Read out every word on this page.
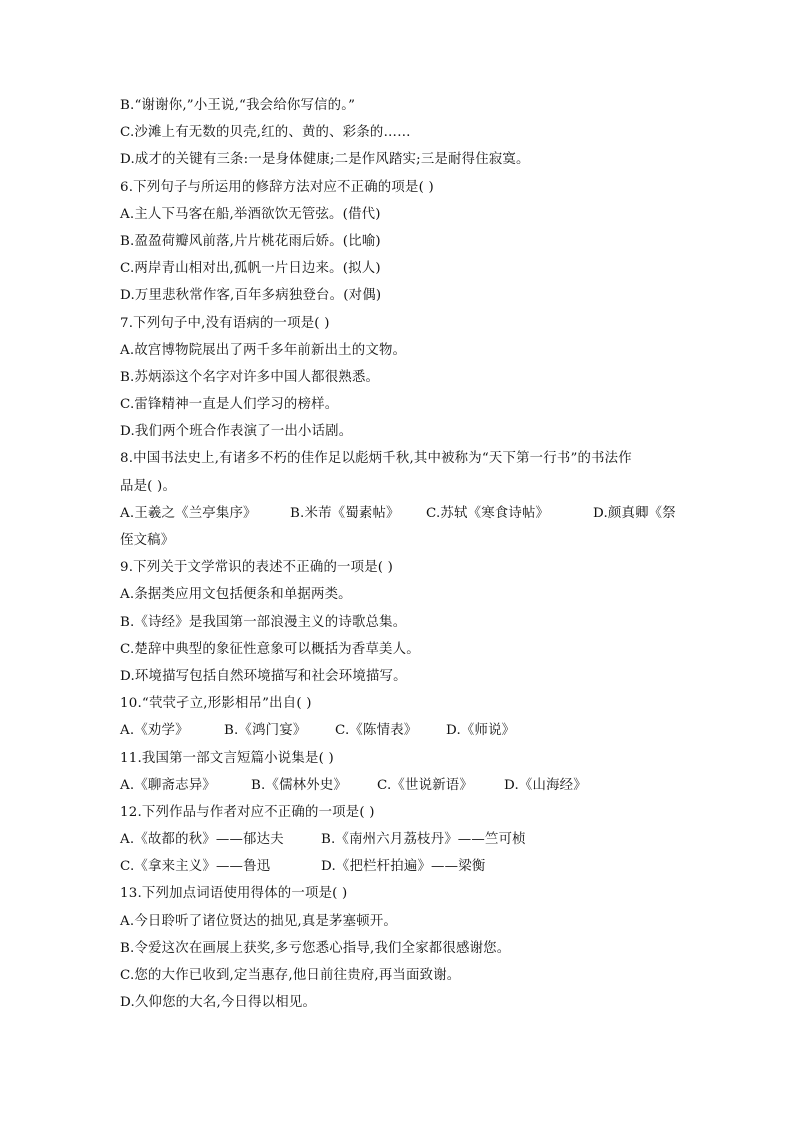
B.“谢谢你,”小王说,“我会给你写信的。”
C.沙滩上有无数的贝壳,红的、黄的、彩条的……
D.成才的关键有三条:一是身体健康;二是作风踏实;三是耐得住寂寞。
6.下列句子与所运用的修辞方法对应不正确的项是( )
A.主人下马客在船,举酒欲饮无管弦。(借代)
B.盈盈荷瓣风前落,片片桃花雨后娇。(比喻)
C.两岸青山相对出,孤帆一片日边来。(拟人)
D.万里悲秋常作客,百年多病独登台。(对偶)
7.下列句子中,没有语病的一项是( )
A.故宫博物院展出了两千多年前新出土的文物。
B.苏炳添这个名字对许多中国人都很熟悉。
C.雷锋精神一直是人们学习的榜样。
D.我们两个班合作表演了一出小话剧。
8.中国书法史上,有诸多不朽的佳作足以彪炳千秋,其中被称为“天下第一行书”的书法作
品是( )。
A.王羲之《兰亭集序》 B.米芾《蜀素帖》 C.苏轼《寒食诗帖》	D.颜真卿《祭
侄文稿》
9.下列关于文学常识的表述不正确的一项是( )
A.条据类应用文包括便条和单据两类。
B.《诗经》是我国第一部浪漫主义的诗歌总集。
C.楚辞中典型的象征性意象可以概括为香草美人。
D.环境描写包括自然环境描写和社会环境描写。
10.“茕茕孑立,形影相吊”出自( )
A.《劝学》	B.《鸿门宴》 C.《陈情表》 D.《师说》
11.我国第一部文言短篇小说集是( )
A.《聊斋志异》	B.《儒林外史》 C.《世说新语》 D.《山海经》
12.下列作品与作者对应不正确的一项是( )
A.《故都的秋》——郁达夫	B.《南州六月荔枝丹》——竺可桢
C.《拿来主义》——鲁迅	D.《把栏杆拍遍》——梁衡
13.下列加点词语使用得体的一项是( )
A.今日聆听了诸位贤达的拙见,真是茅塞顿开。
B.令爱这次在画展上获奖,多亏您悉心指导,我们全家都很感谢您。
C.您的大作已收到,定当惠存,他日前往贵府,再当面致谢。
D.久仰您的大名,今日得以相见。
